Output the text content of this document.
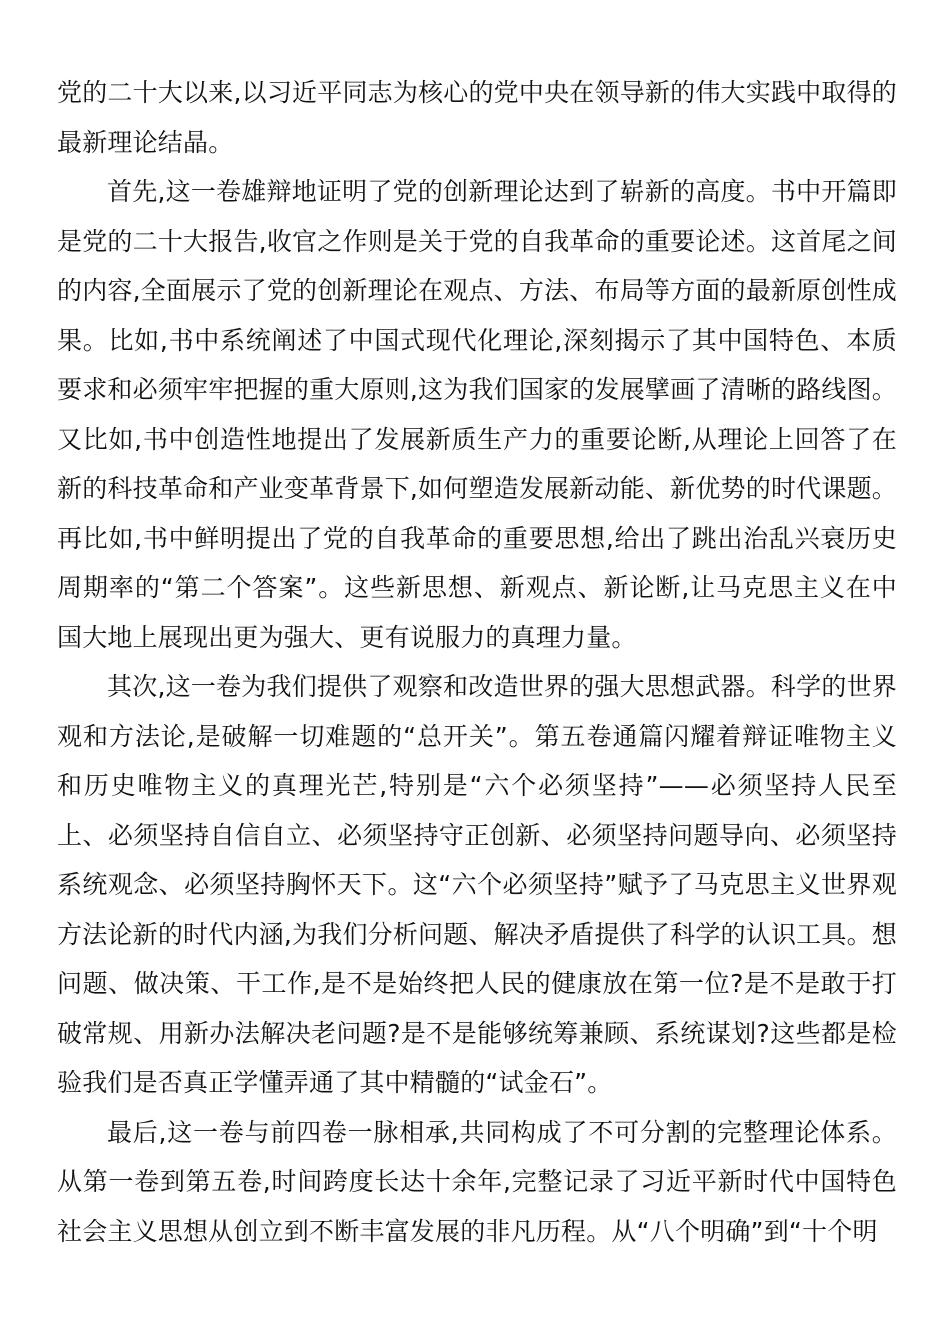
党的二十大以来,以习近平同志为核心的党中央在领导新的伟大实践中取得的最新理论结晶。

首先,这一卷雄辩地证明了党的创新理论达到了崭新的高度。书中开篇即是党的二十大报告,收官之作则是关于党的自我革命的重要论述。这首尾之间的内容,全面展示了党的创新理论在观点、方法、布局等方面的最新原创性成果。比如,书中系统阐述了中国式现代化理论,深刻揭示了其中国特色、本质要求和必须牢牢把握的重大原则,这为我们国家的发展擘画了清晰的路线图。又比如,书中创造性地提出了发展新质生产力的重要论断,从理论上回答了在新的科技革命和产业变革背景下,如何塑造发展新动能、新优势的时代课题。再比如,书中鲜明提出了党的自我革命的重要思想,给出了跳出治乱兴衰历史周期率的“第二个答案”。这些新思想、新观点、新论断,让马克思主义在中国大地上展现出更为强大、更有说服力的真理力量。

其次,这一卷为我们提供了观察和改造世界的强大思想武器。科学的世界观和方法论,是破解一切难题的“总开关”。第五卷通篇闪耀着辩证唯物主义和历史唯物主义的真理光芒,特别是“六个必须坚持”——必须坚持人民至上、必须坚持自信自立、必须坚持守正创新、必须坚持问题导向、必须坚持系统观念、必须坚持胸怀天下。这“六个必须坚持”赋予了马克思主义世界观方法论新的时代内涵,为我们分析问题、解决矛盾提供了科学的认识工具。想问题、做决策、干工作,是不是始终把人民的健康放在第一位?是不是敢于打破常规、用新办法解决老问题?是不是能够统筹兼顾、系统谋划?这些都是检验我们是否真正学懂弄通了其中精髓的“试金石”。

最后,这一卷与前四卷一脉相承,共同构成了不可分割的完整理论体系。从第一卷到第五卷,时间跨度长达十余年,完整记录了习近平新时代中国特色社会主义思想从创立到不断丰富发展的非凡历程。从“八个明确”到“十个明
